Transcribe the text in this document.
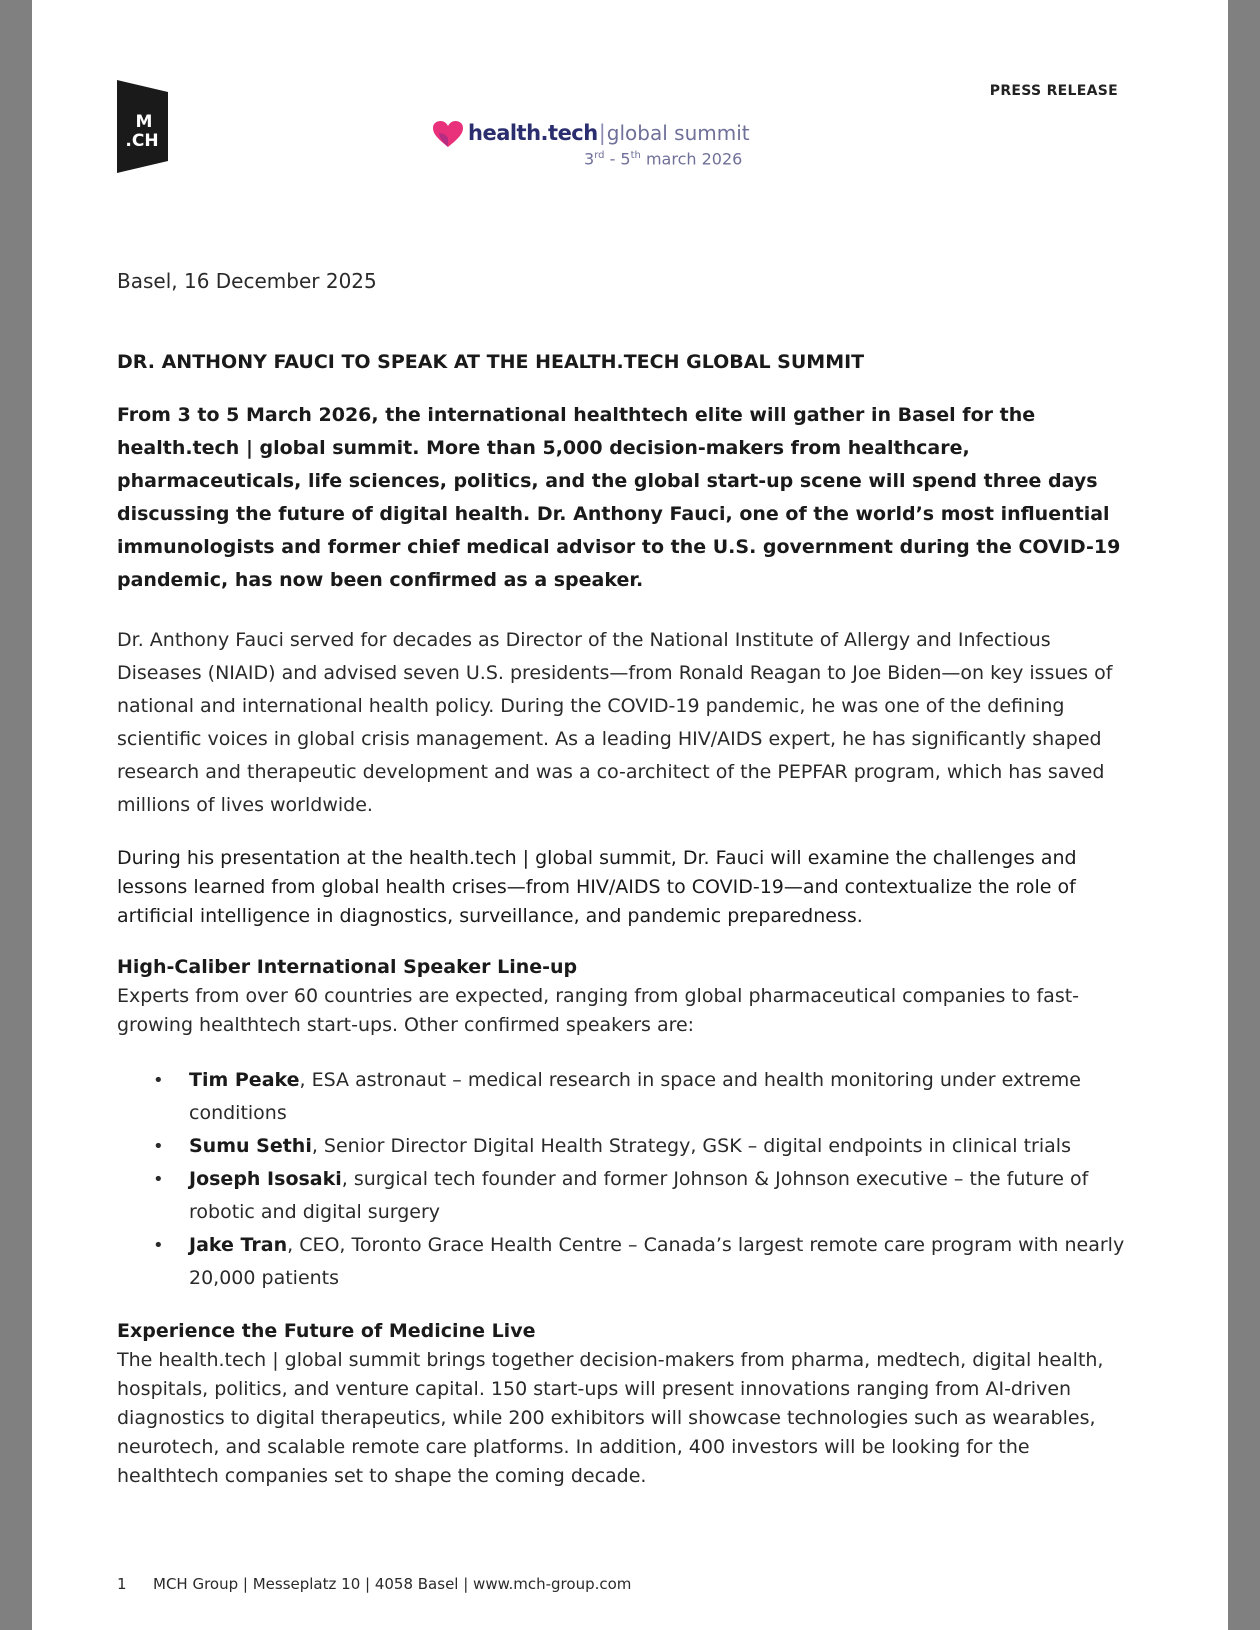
M
.CH
PRESS RELEASE
health.tech|global summit
3rd - 5th march 2026

Basel, 16 December 2025

DR. ANTHONY FAUCI TO SPEAK AT THE HEALTH.TECH GLOBAL SUMMIT

From 3 to 5 March 2026, the international healthtech elite will gather in Basel for the health.tech | global summit. More than 5,000 decision-makers from healthcare, pharmaceuticals, life sciences, politics, and the global start-up scene will spend three days discussing the future of digital health. Dr. Anthony Fauci, one of the world’s most influential immunologists and former chief medical advisor to the U.S. government during the COVID-19 pandemic, has now been confirmed as a speaker.

Dr. Anthony Fauci served for decades as Director of the National Institute of Allergy and Infectious Diseases (NIAID) and advised seven U.S. presidents—from Ronald Reagan to Joe Biden—on key issues of national and international health policy. During the COVID-19 pandemic, he was one of the defining scientific voices in global crisis management. As a leading HIV/AIDS expert, he has significantly shaped research and therapeutic development and was a co-architect of the PEPFAR program, which has saved millions of lives worldwide.

During his presentation at the health.tech | global summit, Dr. Fauci will examine the challenges and lessons learned from global health crises—from HIV/AIDS to COVID-19—and contextualize the role of artificial intelligence in diagnostics, surveillance, and pandemic preparedness.

High-Caliber International Speaker Line-up

Experts from over 60 countries are expected, ranging from global pharmaceutical companies to fast-growing healthtech start-ups. Other confirmed speakers are:

• Tim Peake, ESA astronaut – medical research in space and health monitoring under extreme conditions
• Sumu Sethi, Senior Director Digital Health Strategy, GSK – digital endpoints in clinical trials
• Joseph Isosaki, surgical tech founder and former Johnson & Johnson executive – the future of robotic and digital surgery
• Jake Tran, CEO, Toronto Grace Health Centre – Canada’s largest remote care program with nearly 20,000 patients

Experience the Future of Medicine Live

The health.tech | global summit brings together decision-makers from pharma, medtech, digital health, hospitals, politics, and venture capital. 150 start-ups will present innovations ranging from AI-driven diagnostics to digital therapeutics, while 200 exhibitors will showcase technologies such as wearables, neurotech, and scalable remote care platforms. In addition, 400 investors will be looking for the healthtech companies set to shape the coming decade.

1 MCH Group | Messeplatz 10 | 4058 Basel | www.mch-group.com
